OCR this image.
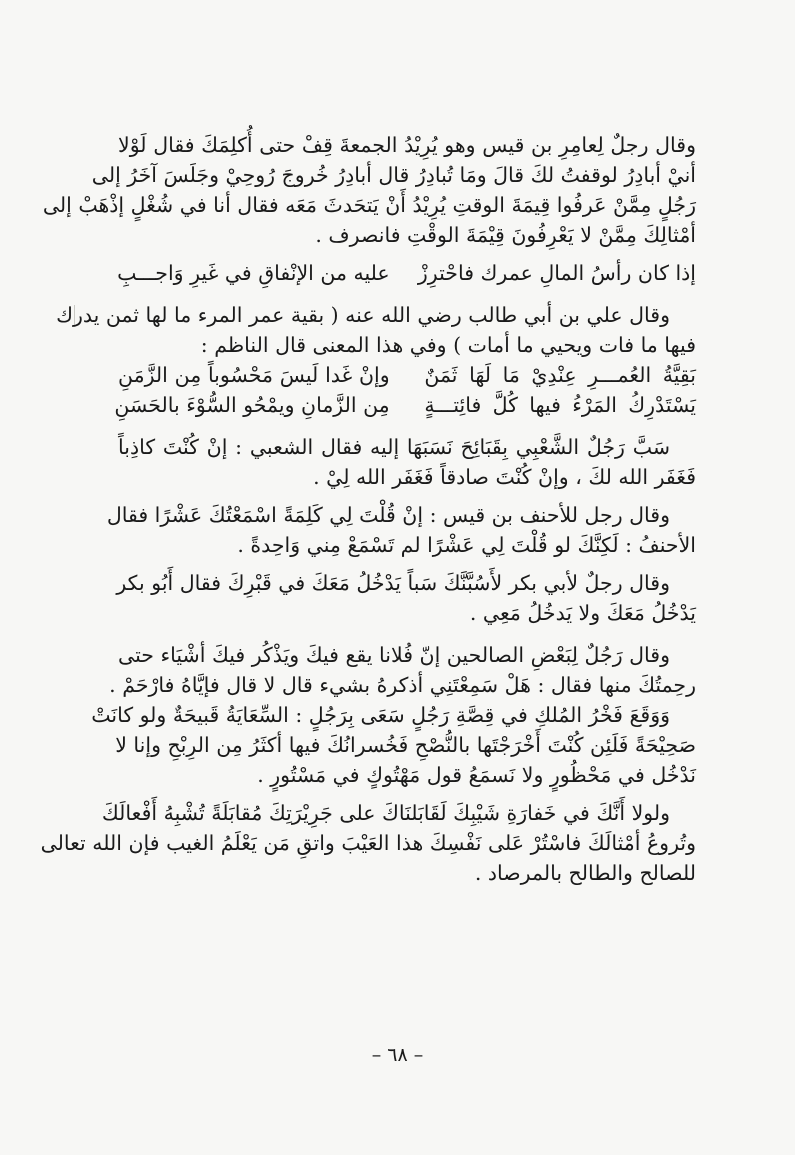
وقال رجلٌ لِعامِرِ بن قيس وهو يُرِيْدُ الجمعةَ قِفْ حتى أُكلِمَكَ فقال لَوْلا
أنيْ أبادِرُ لوقفتُ لكَ قالَ ومَا تُبادِرُ قال أبادِرُ خُروجَ رُوحِيْ وجَلَسَ آخَرُ إلى
رَجُلٍ مِمَّنْ عَرفُوا قِيمَةَ الوقتِ يُرِيْدُ أَنْ يَتحَدثَ مَعَه فقال أنا في شُغْلٍ إذْهَبْ إلى
أمْثالِكَ مِمَّنْ لا يَعْرِفُونَ قِيْمَةَ الوقْتِ فانصرف .
إذا كان رأسُ المالِ عمرك فاحْترِزْ
عليه من الإنْفاقِ في غَيرِ وَاجـــبِ
وقال علي بن أبي طالب رضي الله عنه ( بقية عمر المرء ما لها ثمن يدرك
فيها ما فات ويحيي ما أمات ) وفي هذا المعنى قال الناظم :
بَقِيَّةُ العُمـــرِ عِنْدِيْ مَا لَهَا ثَمَنٌ
وإنْ غَدا لَيسَ مَحْسُوباً مِن الزَّمَنِ
يَسْتَدْرِكُ المَرْءُ فيها كُلَّ فائِتـــةٍ
مِن الزَّمانِ ويمْحُو السُّوْءَ بالحَسَنِ
سَبَّ رَجُلٌ الشَّعْبِي بِقَبَائِحَ نَسَبَهَا إليه فقال الشعبي : إنْ كُنْتَ كاذِباً
فَغَفَر الله لكَ ، وإنْ كُنْتَ صادقاً فَغَفَر الله لِيْ .
وقال رجل للأحنف بن قيس : إنْ قُلْتَ لِي كَلِمَةً اسْمَعْتُكَ عَشْرًا فقال
الأحنفُ : لَكِنَّكَ لو قُلْتَ لِي عَشْرًا لم تَسْمَعْ مِني وَاحِدةً .
وقال رجلٌ لأبي بكر لأَسُبَّنَّكَ سَباً يَدْخُلُ مَعَكَ في قَبْرِكَ فقال أَبُو بكر
يَدْخُلُ مَعَكَ ولا يَدخُلُ مَعِي .
وقال رَجُلٌ لِبَعْضِ الصالحين إنّ فُلانا يقع فيكَ ويَذْكُر فيكَ أشْيَاء حتى
رحِمتُكَ منها فقال : هَلْ سَمِعْتَنِي أذكرهُ بشيء قال لا قال فإيَّاهُ فارْحَمْ .
وَوَقَعَ فَخْرُ المُلكِ في قِصَّةِ رَجُلٍ سَعَى بِرَجُلٍ : السِّعَايَةُ قَبيحَةٌ ولو كانَتْ
صَحِيْحَةً فَلَئِن كُنْتَ أَخْرَجْتَها بالنُّصْحِ فَخُسرانُكَ فيها أكثَرُ مِن الرِبْحِ وإنا لا
نَدْخُل في مَحْظُورٍ ولا نَسمَعُ قول مَهْتُوكٍ في مَسْتُورٍ .
ولولا أَنَّكَ في خَفارَةِ شَيْبِكَ لَقَابَلنَاكَ على جَرِيْرَتِكَ مُقابَلَةً تُشْبِهُ أَفْعالَكَ
وتُروعُ أمْثالَكَ فاسْتُرْ عَلى نَفْسِكَ هذا العَيْبَ واتقِ مَن يَعْلَمُ الغيب فإن الله تعالى
للصالح والطالح بالمرصاد .
– ٦٨ –
